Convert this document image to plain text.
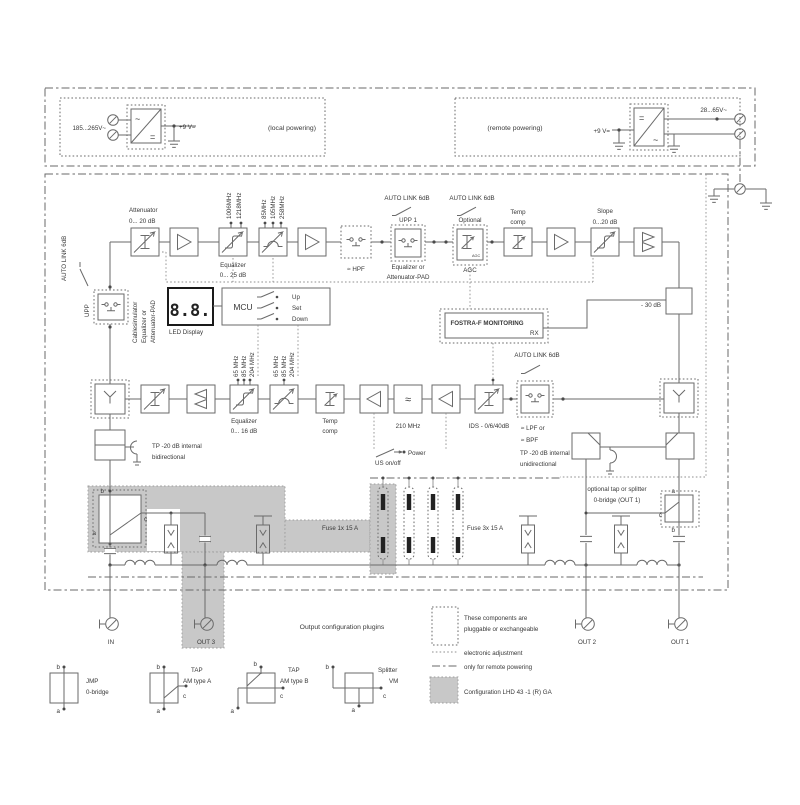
185...265V~
~
=
+9 V=	(local powering)	(remote powering)	+9 V=
=
~
28...65V~
AGC
Attenuator
0... 20 dB
1006MHz 1218MHz
Equalizer
0... 25 dB
85MHz 105MHz 258MHz
≈ HPF
AUTO LINK 6dB
UPP 1
Equalizer or
Attenuator-PAD
AUTO LINK 6dB
Optional
AGC
Temp
comp
Slope
0...20 dB
- 30 dB
AUTO LINK 6dB
UPP	Cablesimulator Equalizer or Attenuator-PAD 8.8.
LED Display
MCU
Up
Set
Down
65 MHz 85 MHz 204 MHz	65 MHz 85 MHz 204 MHz
FOSTRA-F MONITORING
RX
≈
Equalizer
0... 16 dB
Temp
comp
210 MHz	IDS - 0/6/40dB ≈ LPF or
≈ BPF
AUTO LINK 6dB
Power
US on/off
TP -20 dB internal
bidirectional
TP -20 dB internal
unidirectional
b
a
c
Fuse 1x 15 A	Fuse 3x 15 A
a
c
b
optional tap or splitter
0-bridge (OUT 1)
IN	OUT 3	OUT 2	OUT 1
Output configuration plugins
These components are
pluggable or exchangeable
electronic adjustment
only for remote powering
Configuration LHD 43 -1 (R) GA
b
a
JMP
0-bridge
b
a
c
TAP
AM type A
b
a
c
TAP
AM type B
b
a
c
Splitter
VM
